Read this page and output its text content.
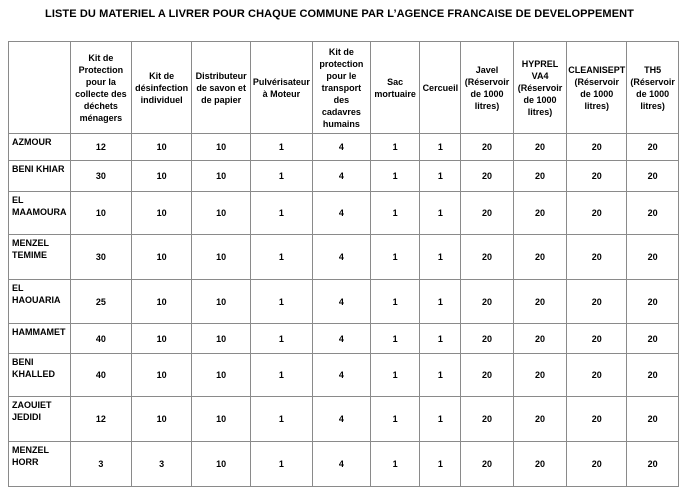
LISTE DU MATERIEL A LIVRER POUR CHAQUE COMMUNE PAR L’AGENCE FRANCAISE DE DEVELOPPEMENT
	Kit de Protection pour la collecte des déchets ménagers	Kit de désinfection individuel	Distributeur de savon et de papier	Pulvérisateur à Moteur	Kit de protection pour le transport des cadavres humains	Sac mortuaire	Cercueil	Javel (Réservoir de 1000 litres)	HYPREL VA4 (Réservoir de 1000 litres)	CLEANISEPT (Réservoir de 1000 litres)	TH5 (Réservoir de 1000 litres)
AZMOUR	12	10	10	1	4	1	1	20	20	20	20
BENI KHIAR	30	10	10	1	4	1	1	20	20	20	20
EL MAAMOURA	10	10	10	1	4	1	1	20	20	20	20
MENZEL TEMIME	30	10	10	1	4	1	1	20	20	20	20
EL HAOUARIA	25	10	10	1	4	1	1	20	20	20	20
HAMMAMET	40	10	10	1	4	1	1	20	20	20	20
BENI KHALLED	40	10	10	1	4	1	1	20	20	20	20
ZAOUIET JEDIDI	12	10	10	1	4	1	1	20	20	20	20
MENZEL HORR	3	3	10	1	4	1	1	20	20	20	20
